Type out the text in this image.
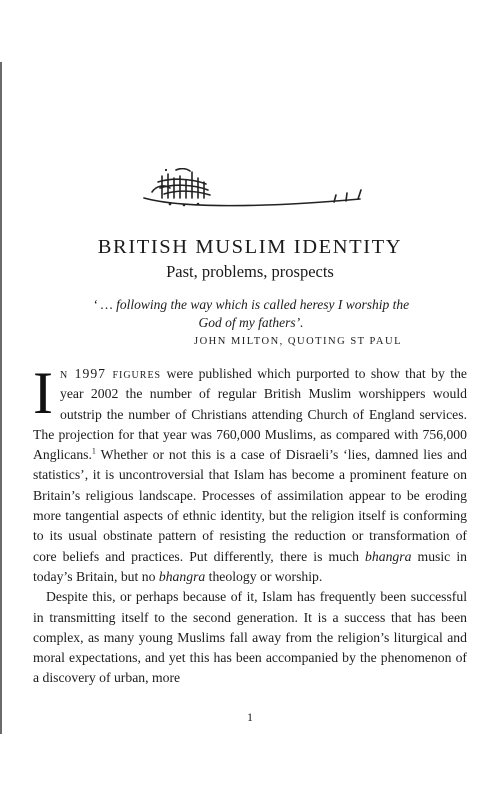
BRITISH MUSLIM IDENTITY
Past, problems, prospects
‘ … following the way which is called heresy I worship the God of my fathers’.
JOHN MILTON, QUOTING ST PAUL

In 1997 figures were published which purported to show that by the year 2002 the number of regular British Muslim worshippers would outstrip the number of Christians attending Church of England services. The projection for that year was 760,000 Muslims, as compared with 756,000 Anglicans.$^1$ Whether or not this is a case of Disraeli’s ‘lies, damned lies and statistics’, it is uncontroversial that Islam has become a prominent feature on Britain’s religious landscape. Processes of assimilation appear to be eroding more tangential aspects of ethnic identity, but the religion itself is conforming to its usual obstinate pattern of resisting the reduction or transformation of core beliefs and practices. Put differently, there is much bhangra music in today’s Britain, but no bhangra theology or worship.

Despite this, or perhaps because of it, Islam has frequently been successful in transmitting itself to the second generation. It is a success that has been complex, as many young Muslims fall away from the religion’s liturgical and moral expectations, and yet this has been accompanied by the phenomenon of a discovery of urban, more

1
